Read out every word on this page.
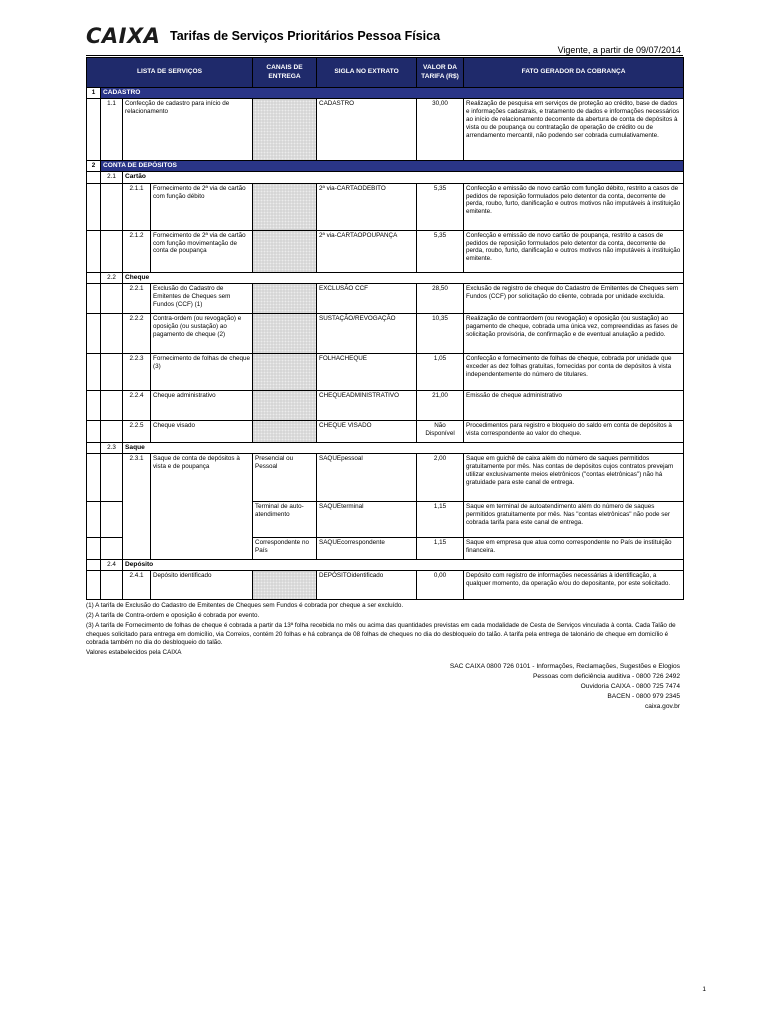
CAIXA Tarifas de Serviços Prioritários Pessoa Física
Vigente, a partir de 09/07/2014
LISTA DE SERVIÇOS				CANAIS DE ENTREGA	SIGLA NO EXTRATO	VALOR DA TARIFA (R$)	FATO GERADOR DA COBRANÇA
1	CADASTRO						
	1.1	Confecção de cadastro para início de relacionamento			CADASTRO	30,00	Realização de pesquisa em serviços de proteção ao crédito, base de dados e informações cadastrais, e tratamento de dados e informações necessários ao início de relacionamento decorrente da abertura de conta de depósitos à vista ou de poupança ou contratação de operação de crédito ou de arrendamento mercantil, não podendo ser cobrada cumulativamente.
2	CONTA DE DEPÓSITOS						
	2.1	Cartão					
		2.1.1	Fornecimento de 2ª via de cartão com função débito		2ª via-CARTAODEBITO	5,35	Confecção e emissão de novo cartão com função débito, restrito a casos de pedidos de reposição formulados pelo detentor da conta, decorrente de perda, roubo, furto, danificação e outros motivos não imputáveis à instituição emitente.
		2.1.2	Fornecimento de 2ª via de cartão com função movimentação de conta de poupança		2ª via-CARTAOPOUPANÇA	5,35	Confecção e emissão de novo cartão de poupança, restrito a casos de pedidos de reposição formulados pelo detentor da conta, decorrente de perda, roubo, furto, danificação e outros motivos não imputáveis à instituição emitente.
	2.2	Cheque					
		2.2.1	Exclusão do Cadastro de Emitentes de Cheques sem Fundos (CCF) (1)		EXCLUSÃO CCF	28,50	Exclusão de registro de cheque do Cadastro de Emitentes de Cheques sem Fundos (CCF) por solicitação do cliente, cobrada por unidade excluída.
		2.2.2	Contra-ordem (ou revogação) e oposição (ou sustação) ao pagamento de cheque (2)		SUSTAÇÃO/REVOGAÇÃO	10,35	Realização de contraordem (ou revogação) e oposição (ou sustação) ao pagamento de cheque, cobrada uma única vez, compreendidas as fases de solicitação provisória, de confirmação e de eventual anulação a pedido.
		2.2.3	Fornecimento de folhas de cheque (3)		FOLHACHEQUE	1,05	Confecção e fornecimento de folhas de cheque, cobrada por unidade que exceder as dez folhas gratuitas, fornecidas por conta de depósitos à vista independentemente do número de titulares.
		2.2.4	Cheque administrativo		CHEQUEADMINISTRATIVO	21,00	Emissão de cheque administrativo
		2.2.5	Cheque visado		CHEQUE VISADO	Não Disponível	Procedimentos para registro e bloqueio do saldo em conta de depósitos à vista correspondente ao valor do cheque.
	2.3	Saque					
		2.3.1	Saque de conta de depósitos à vista e de poupança	Presencial ou Pessoal	SAQUEpessoal	2,00	Saque em guichê de caixa além do número de saques permitidos gratuitamente por mês. Nas contas de depósitos cujos contratos prevejam utilizar exclusivamente meios eletrônicos ("contas eletrônicas") não há gratuidade para este canal de entrega.
				Terminal de auto-atendimento	SAQUEterminal	1,15	Saque em terminal de autoatendimento além do número de saques permitidos gratuitamente por mês. Nas "contas eletrônicas" não pode ser cobrada tarifa para este canal de entrega.
				Correspondente no País	SAQUEcorrespondente	1,15	Saque em empresa que atua como correspondente no País de instituição financeira.
	2.4	Depósito					
		2.4.1	Depósito identificado		DEPÓSITOidentificado	0,00	Depósito com registro de informações necessárias à identificação, a qualquer momento, da operação e/ou do depositante, por este solicitado.

(1) A tarifa de Exclusão do Cadastro de Emitentes de Cheques sem Fundos é cobrada por cheque a ser excluído.

(2) A tarifa de Contra-ordem e oposição é cobrada por evento.

(3) A tarifa de Fornecimento de folhas de cheque é cobrada a partir da 13ª folha recebida no mês ou acima das quantidades previstas em cada modalidade de Cesta de Serviços vinculada à conta. Cada Talão de cheques solicitado para entrega em domicílio, via Correios, contém 20 folhas e há cobrança de 08 folhas de cheques no dia do desbloqueio do talão. A tarifa pela entrega de talonário de cheque em domicílio é cobrada também no dia do desbloqueio do talão.

Valores estabelecidos pela CAIXA

SAC CAIXA 0800 726 0101 - Informações, Reclamações, Sugestões e Elogios
Pessoas com deficiência auditiva - 0800 726 2492
Ouvidoria CAIXA - 0800 725 7474
BACEN - 0800 979 2345
caixa.gov.br
1
